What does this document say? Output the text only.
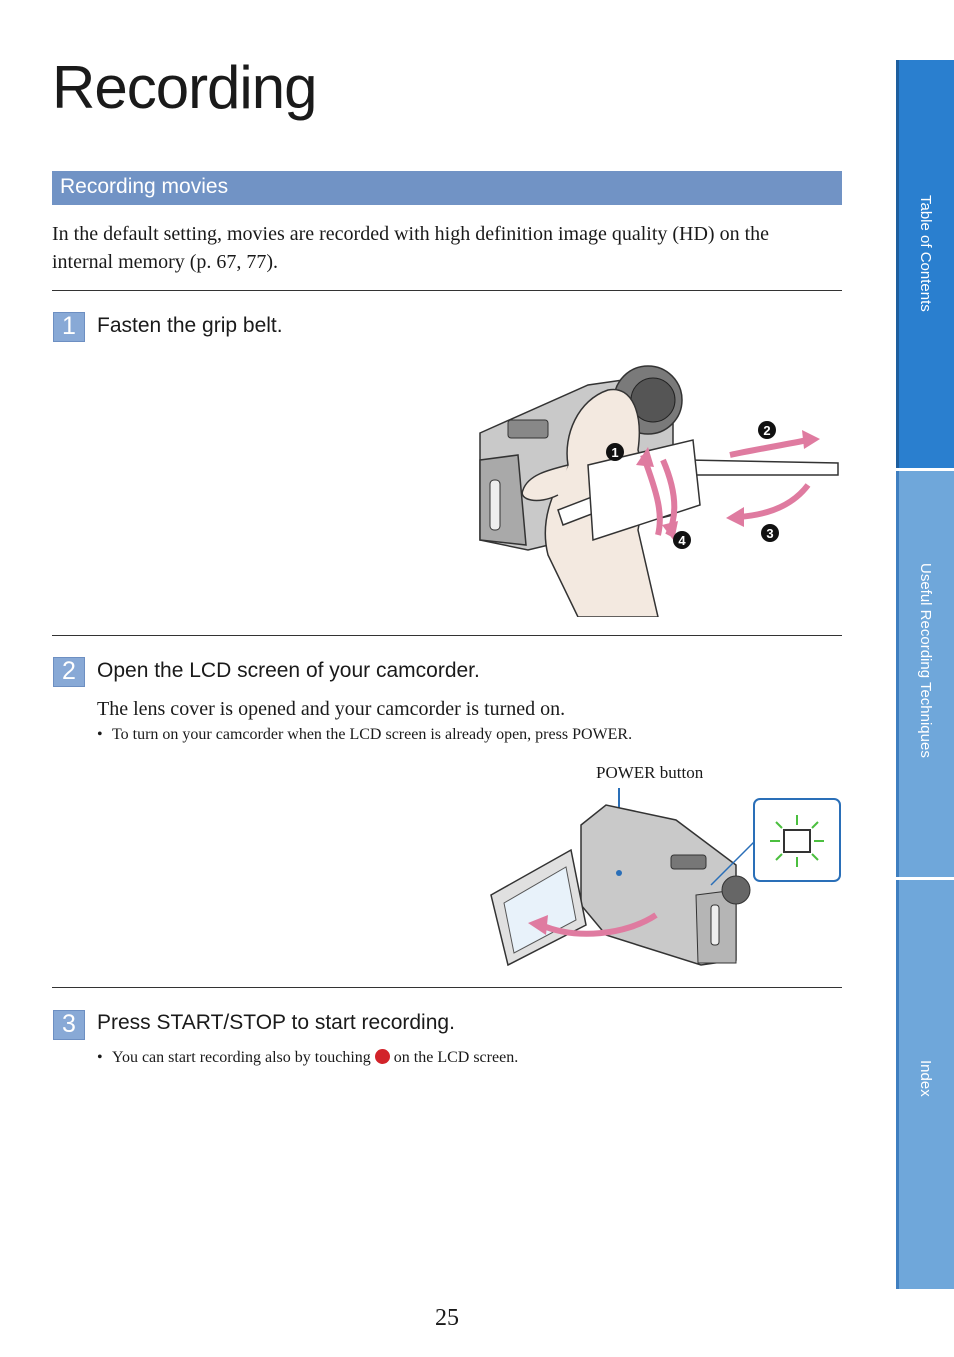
Recording
Recording movies
In the default setting, movies are recorded with high definition image quality (HD) on the internal memory (p. 67, 77).
1	Fasten the grip belt.
1
2
3
4
2	Open the LCD screen of your camcorder.
The lens cover is opened and your camcorder is turned on.
• To turn on your camcorder when the LCD screen is already open, press POWER.
POWER button
3	Press START/STOP to start recording.
• You can start recording also by touching on the LCD screen.
25
Table of Contents
Useful Recording Techniques
Index
